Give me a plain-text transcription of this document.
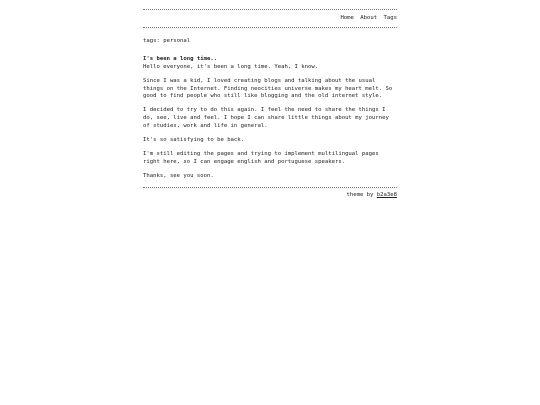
Home About Tags
tags: personal
I's been a long time..

Hello everyone, it's been a long time. Yeah, I know.

Since I was a kid, I loved creating blogs and talking about the usual things on the Internet. Finding neocities universe makes my heart melt. So good to find people who still like blogging and the old internet style.

I decided to try to do this again. I feel the need to share the things I do, see, live and feel. I hope I can share little things about my journey of studies, work and life in general.

It's so satisfying to be back.

I'm still editing the pages and trying to implement multilingual pages right here, so I can engage english and portuguese speakers.

Thanks, see you soon.

theme by b2a3e8
